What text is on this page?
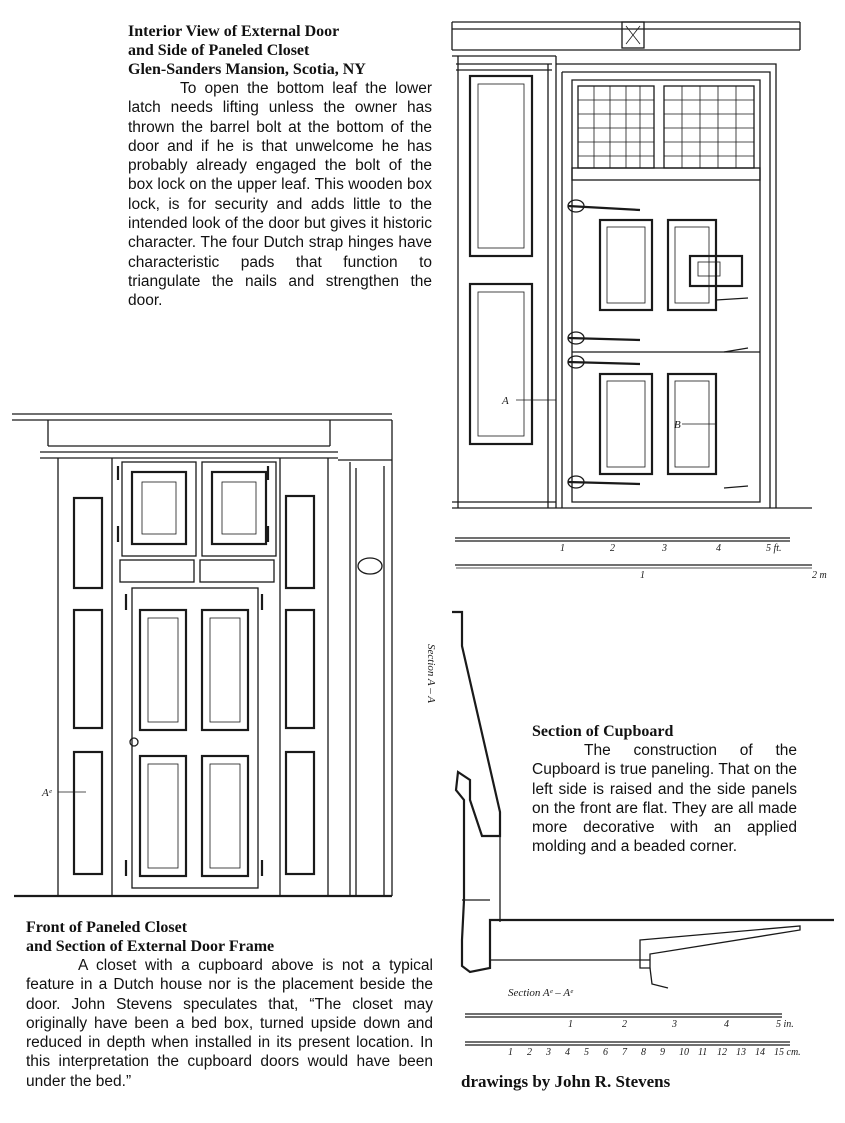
Interior View of External Door
and Side of Paneled Closet
Glen-Sanders Mansion, Scotia, NY
To open the bottom leaf the lower latch needs lifting unless the owner has thrown the barrel bolt at the bottom of the door and if he is that unwelcome he has probably already engaged the bolt of the box lock on the upper leaf. This wooden box lock, is for security and adds little to the intended look of the door but gives it historic character. The four Dutch strap hinges have characteristic pads that function to triangulate the nails and strengthen the door.
Section of Cupboard
The construction of the Cupboard is true paneling. That on the left side is raised and the side panels on the front are flat. They are all made more decorative with an applied molding and a beaded corner.
Front of Paneled Closet
and Section of External Door Frame
A closet with a cupboard above is not a typical feature in a Dutch house nor is the placement beside the door. John Stevens speculates that, “The closet may originally have been a bed box, turned upside down and reduced in depth when installed in its present location. In this interpretation the cupboard doors would have been under the bed.”	drawings by John R. Stevens
A
B
1	2	3	4	5 ft.
1	2 m
Aᵉ
Section A – A
Section Aᵉ – Aᵉ
1	2	3	4	5 in.
1 2 3 4 5 6 7 8 9 10 11 12 13 14 15 cm.
